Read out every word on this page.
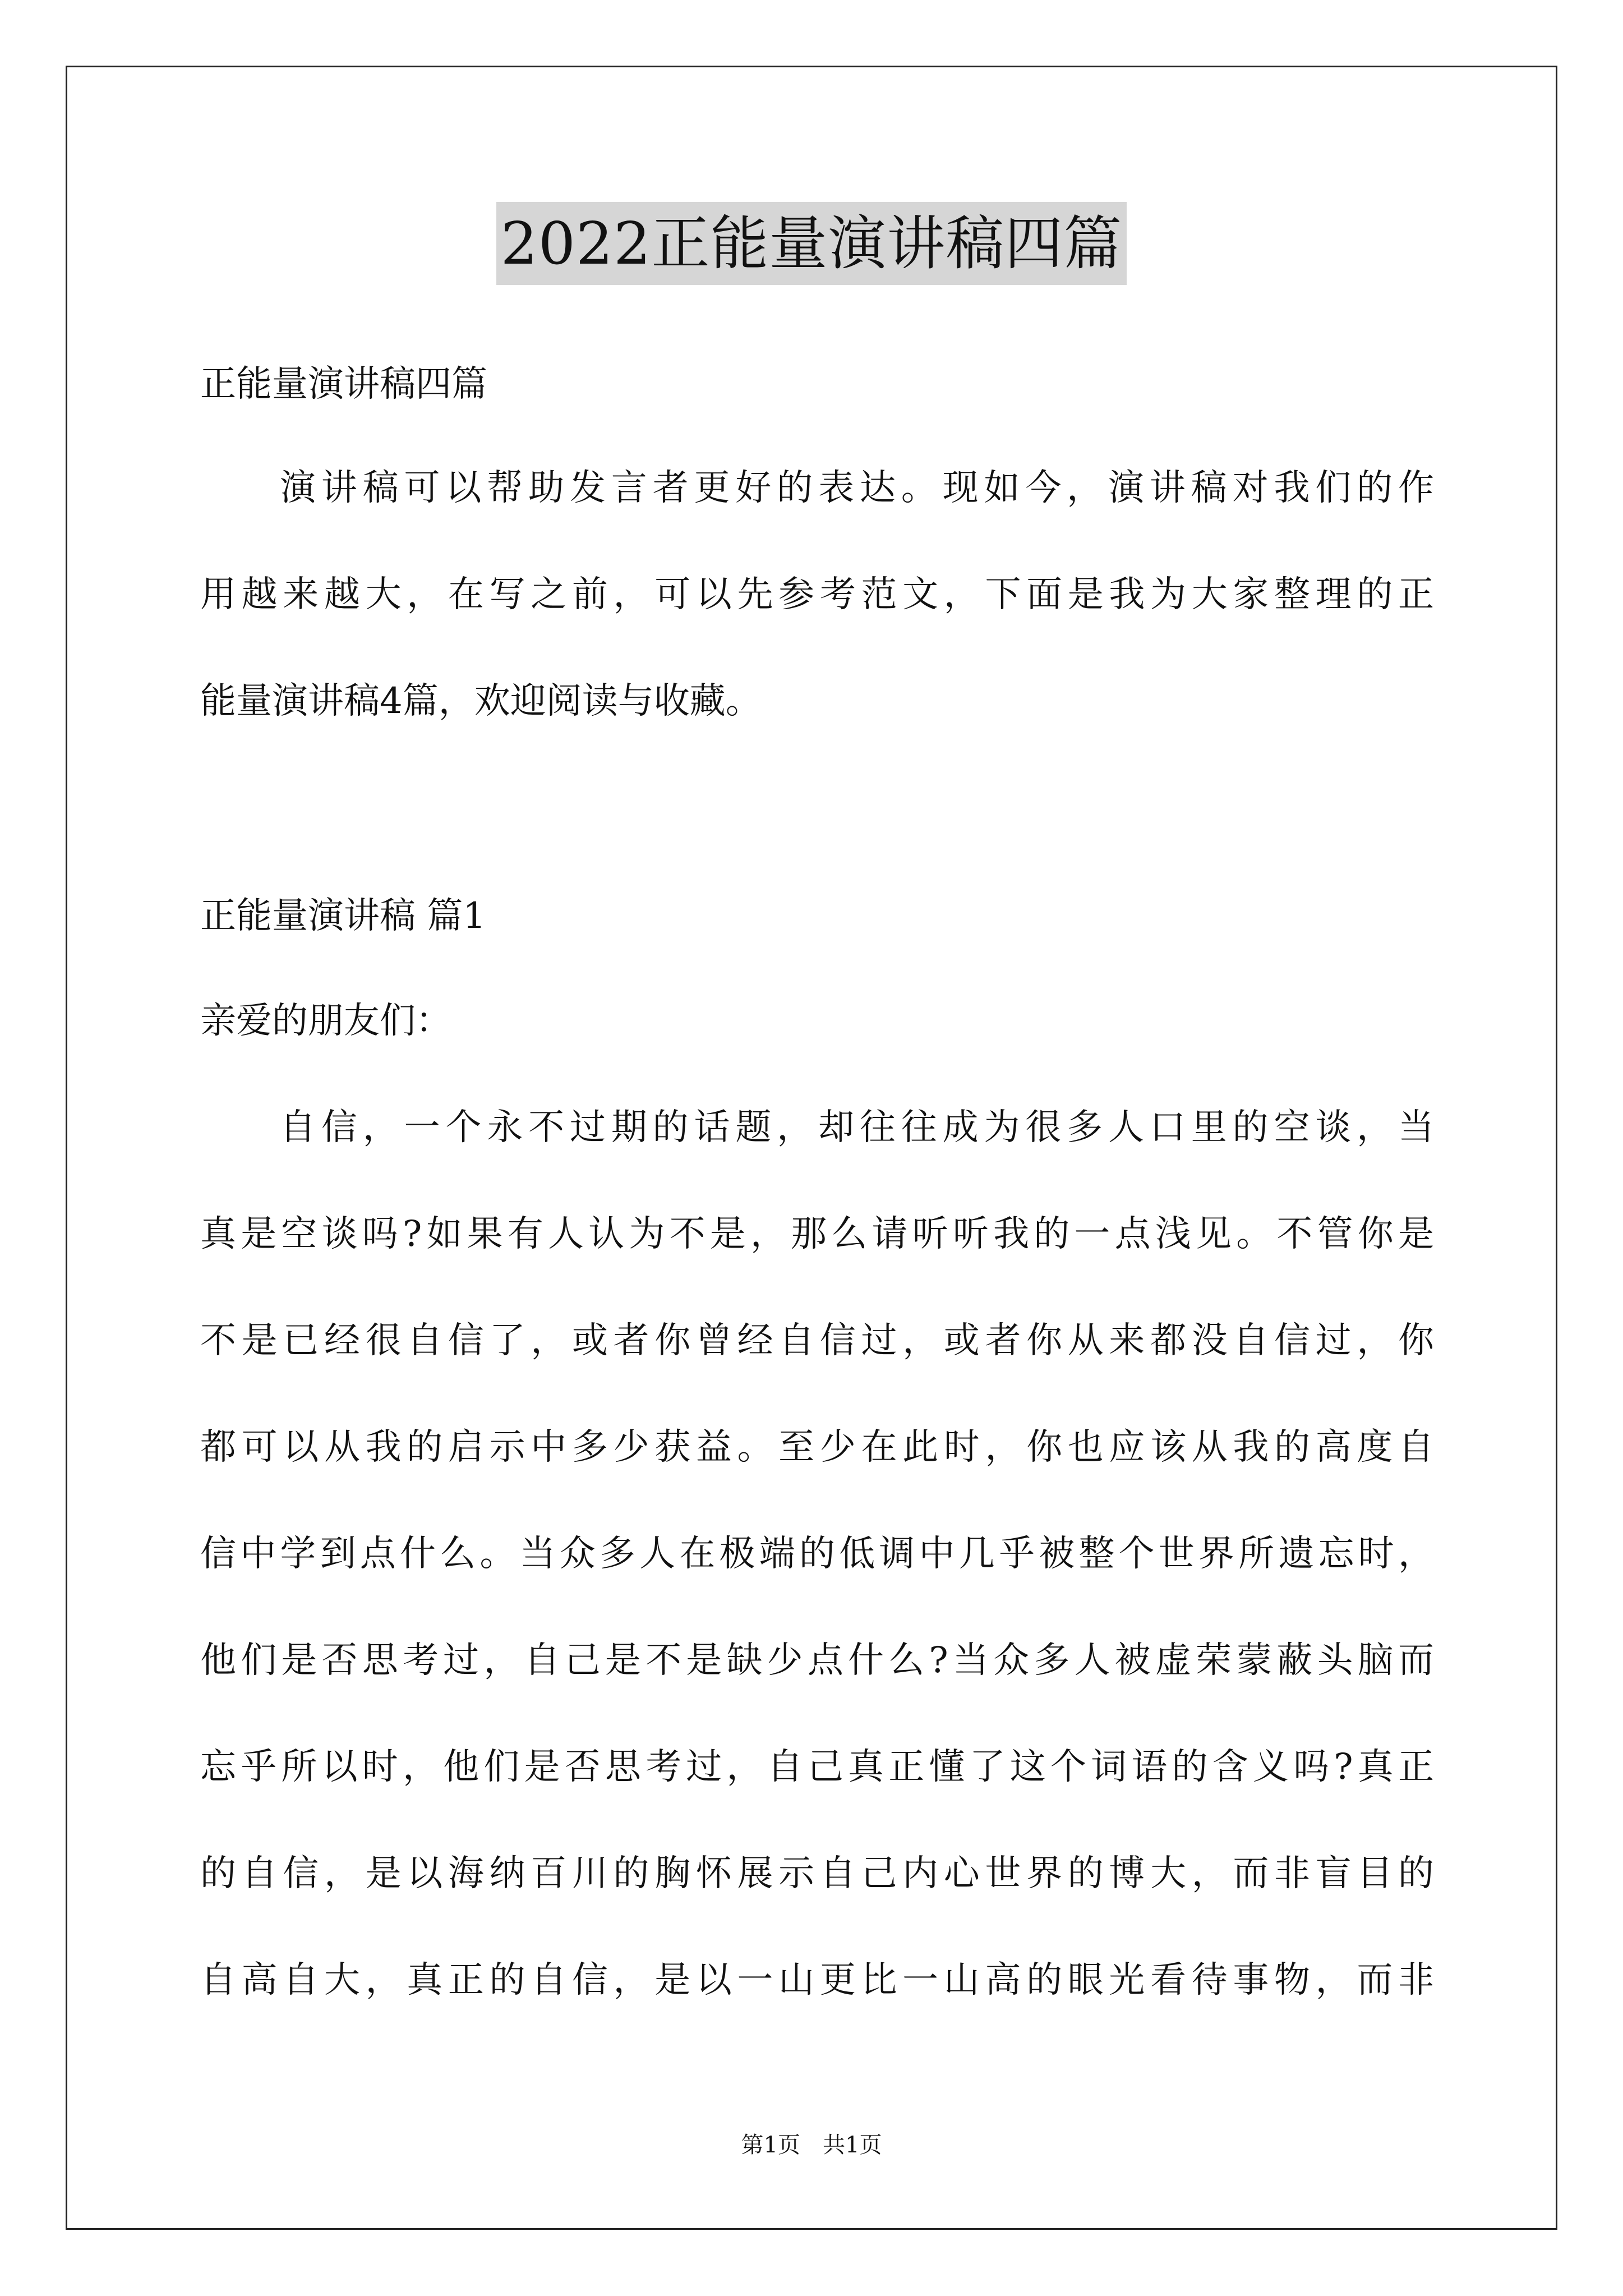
2022正能量演讲稿四篇
正能量演讲稿四篇
演讲稿可以帮助发言者更好的表达。现如今，演讲稿对我们的作
用越来越大，在写之前，可以先参考范文，下面是我为大家整理的正
能量演讲稿4篇，欢迎阅读与收藏。
正能量演讲稿 篇1
亲爱的朋友们：
自信，一个永不过期的话题，却往往成为很多人口里的空谈，当
真是空谈吗?如果有人认为不是，那么请听听我的一点浅见。不管你是
不是已经很自信了，或者你曾经自信过，或者你从来都没自信过，你
都可以从我的启示中多少获益。至少在此时，你也应该从我的高度自
信中学到点什么。当众多人在极端的低调中几乎被整个世界所遗忘时，
他们是否思考过，自己是不是缺少点什么?当众多人被虚荣蒙蔽头脑而
忘乎所以时，他们是否思考过，自己真正懂了这个词语的含义吗?真正
的自信，是以海纳百川的胸怀展示自己内心世界的博大，而非盲目的
自高自大，真正的自信，是以一山更比一山高的眼光看待事物，而非
第1页　共1页
